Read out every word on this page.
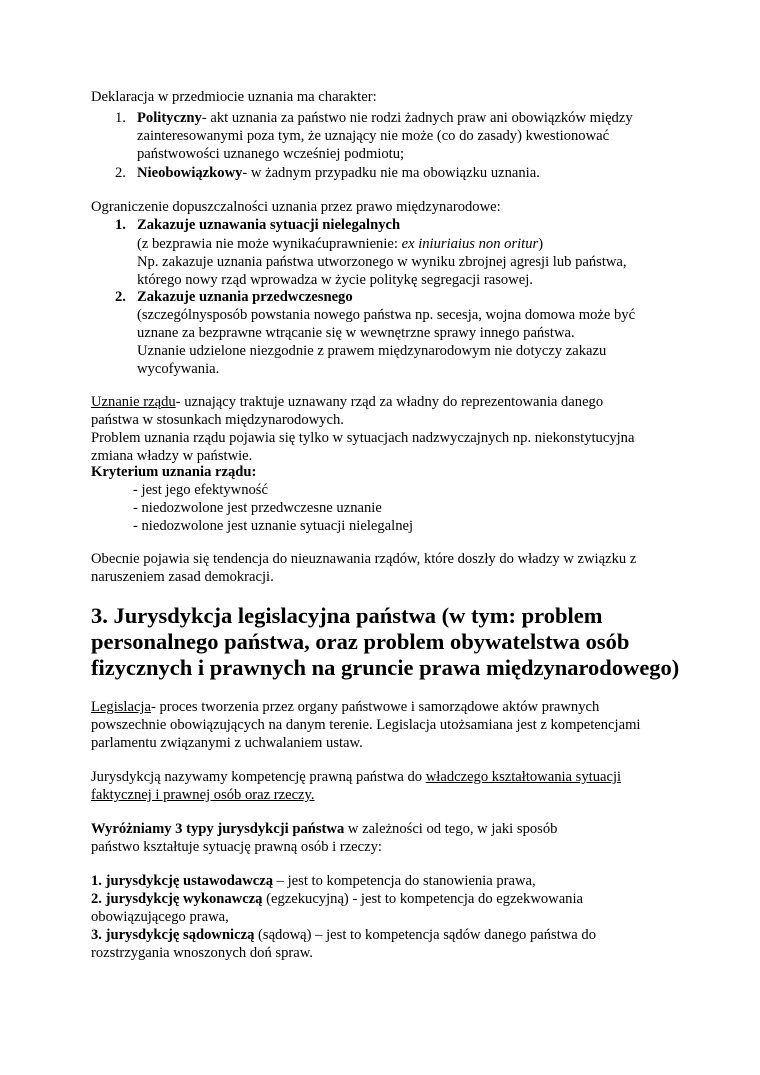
Deklaracja w przedmiocie uznania ma charakter:
1. Polityczny- akt uznania za państwo nie rodzi żadnych praw ani obowiązków między
zainteresowanymi poza tym, że uznający nie może (co do zasady) kwestionować
państwowości uznanego wcześniej podmiotu;
2. Nieobowiązkowy- w żadnym przypadku nie ma obowiązku uznania.
Ograniczenie dopuszczalności uznania przez prawo międzynarodowe:
1. Zakazuje uznawania sytuacji nielegalnych
(z bezprawia nie może wynikaćuprawnienie: ex iniuriaius non oritur)
Np. zakazuje uznania państwa utworzonego w wyniku zbrojnej agresji lub państwa,
którego nowy rząd wprowadza w życie politykę segregacji rasowej.
2. Zakazuje uznania przedwczesnego
(szczególnysposób powstania nowego państwa np. secesja, wojna domowa może być
uznane za bezprawne wtrącanie się w wewnętrzne sprawy innego państwa.
Uznanie udzielone niezgodnie z prawem międzynarodowym nie dotyczy zakazu
wycofywania.
Uznanie rządu- uznający traktuje uznawany rząd za władny do reprezentowania danego
państwa w stosunkach międzynarodowych.
Problem uznania rządu pojawia się tylko w sytuacjach nadzwyczajnych np. niekonstytucyjna
zmiana władzy w państwie.
Kryterium uznania rządu:
- jest jego efektywność
- niedozwolone jest przedwczesne uznanie
- niedozwolone jest uznanie sytuacji nielegalnej
Obecnie pojawia się tendencja do nieuznawania rządów, które doszły do władzy w związku z
naruszeniem zasad demokracji.
3. Jurysdykcja legislacyjna państwa (w tym: problem
personalnego państwa, oraz problem obywatelstwa osób
fizycznych i prawnych na gruncie prawa międzynarodowego)
Legislacja- proces tworzenia przez organy państwowe i samorządowe aktów prawnych
powszechnie obowiązujących na danym terenie. Legislacja utożsamiana jest z kompetencjami
parlamentu związanymi z uchwalaniem ustaw.
Jurysdykcją nazywamy kompetencję prawną państwa do władczego kształtowania sytuacji
faktycznej i prawnej osób oraz rzeczy.
Wyróżniamy 3 typy jurysdykcji państwa w zależności od tego, w jaki sposób
państwo kształtuje sytuację prawną osób i rzeczy:
1. jurysdykcję ustawodawczą – jest to kompetencja do stanowienia prawa,
2. jurysdykcję wykonawczą (egzekucyjną) - jest to kompetencja do egzekwowania
obowiązującego prawa,
3. jurysdykcję sądowniczą (sądową) – jest to kompetencja sądów danego państwa do
rozstrzygania wnoszonych doń spraw.
